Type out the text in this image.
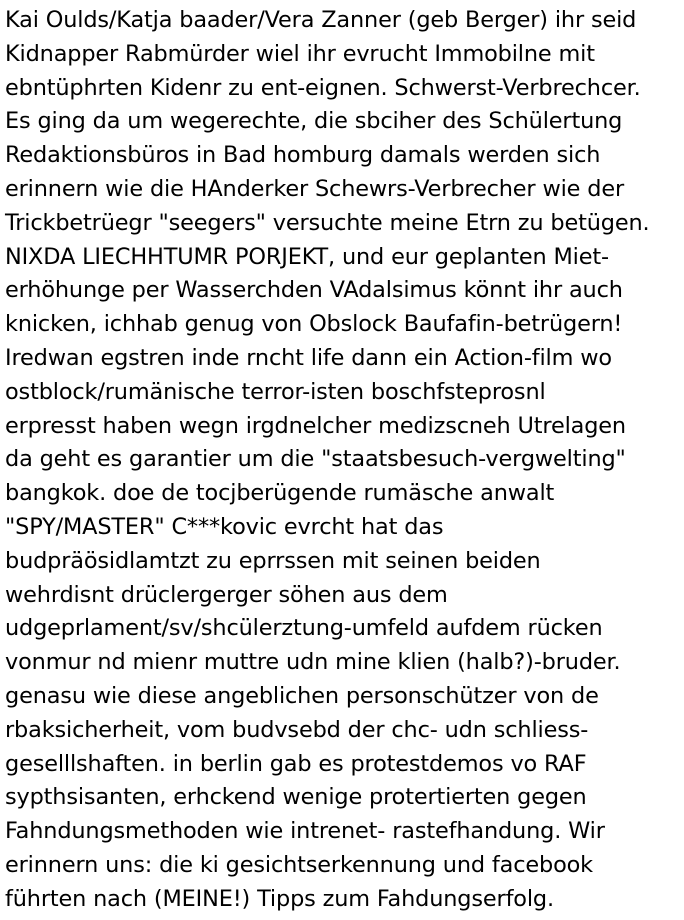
Kai Oulds/Katja baader/Vera Zanner (geb Berger) ihr seid
Kidnapper Rabmürder wiel ihr evrucht Immobilne mit
ebntüphrten Kidenr zu ent-eignen. Schwerst-Verbrechcer.
Es ging da um wegerechte, die sbciher des Schülertung
Redaktionsbüros in Bad homburg damals werden sich
erinnern wie die HAnderker Schewrs-Verbrecher wie der
Trickbetrüegr "seegers" versuchte meine Etrn zu betügen.
NIXDA LIECHHTUMR PORJEKT, und eur geplanten Miet-
erhöhunge per Wasserchden VAdalsimus könnt ihr auch
knicken, ichhab genug von Obslock Baufafin-betrügern!
Iredwan egstren inde rncht life dann ein Action-film wo
ostblock/rumänische terror-isten boschfsteprosnl
erpresst haben wegn irgdnelcher medizscneh Utrelagen
da geht es garantier um die "staatsbesuch-vergwelting"
bangkok. doe de tocjberügende rumäsche anwalt
"SPY/MASTER" C***kovic evrcht hat das
budpräösidlamtzt zu eprrssen mit seinen beiden
wehrdisnt drüclergerger söhen aus dem
udgeprlament/sv/shcülerztung-umfeld aufdem rücken
vonmur nd mienr muttre udn mine klien (halb?)-bruder.
genasu wie diese angeblichen personschützer von de
rbaksicherheit, vom budvsebd der chc- udn schliess-
geselllshaften. in berlin gab es protestdemos vo RAF
sypthsisanten, erhckend wenige protertierten gegen
Fahndungsmethoden wie intrenet- rastefhandung. Wir
erinnern uns: die ki gesichtserkennung und facebook
führten nach (MEINE!) Tipps zum Fahdungserfolg.
